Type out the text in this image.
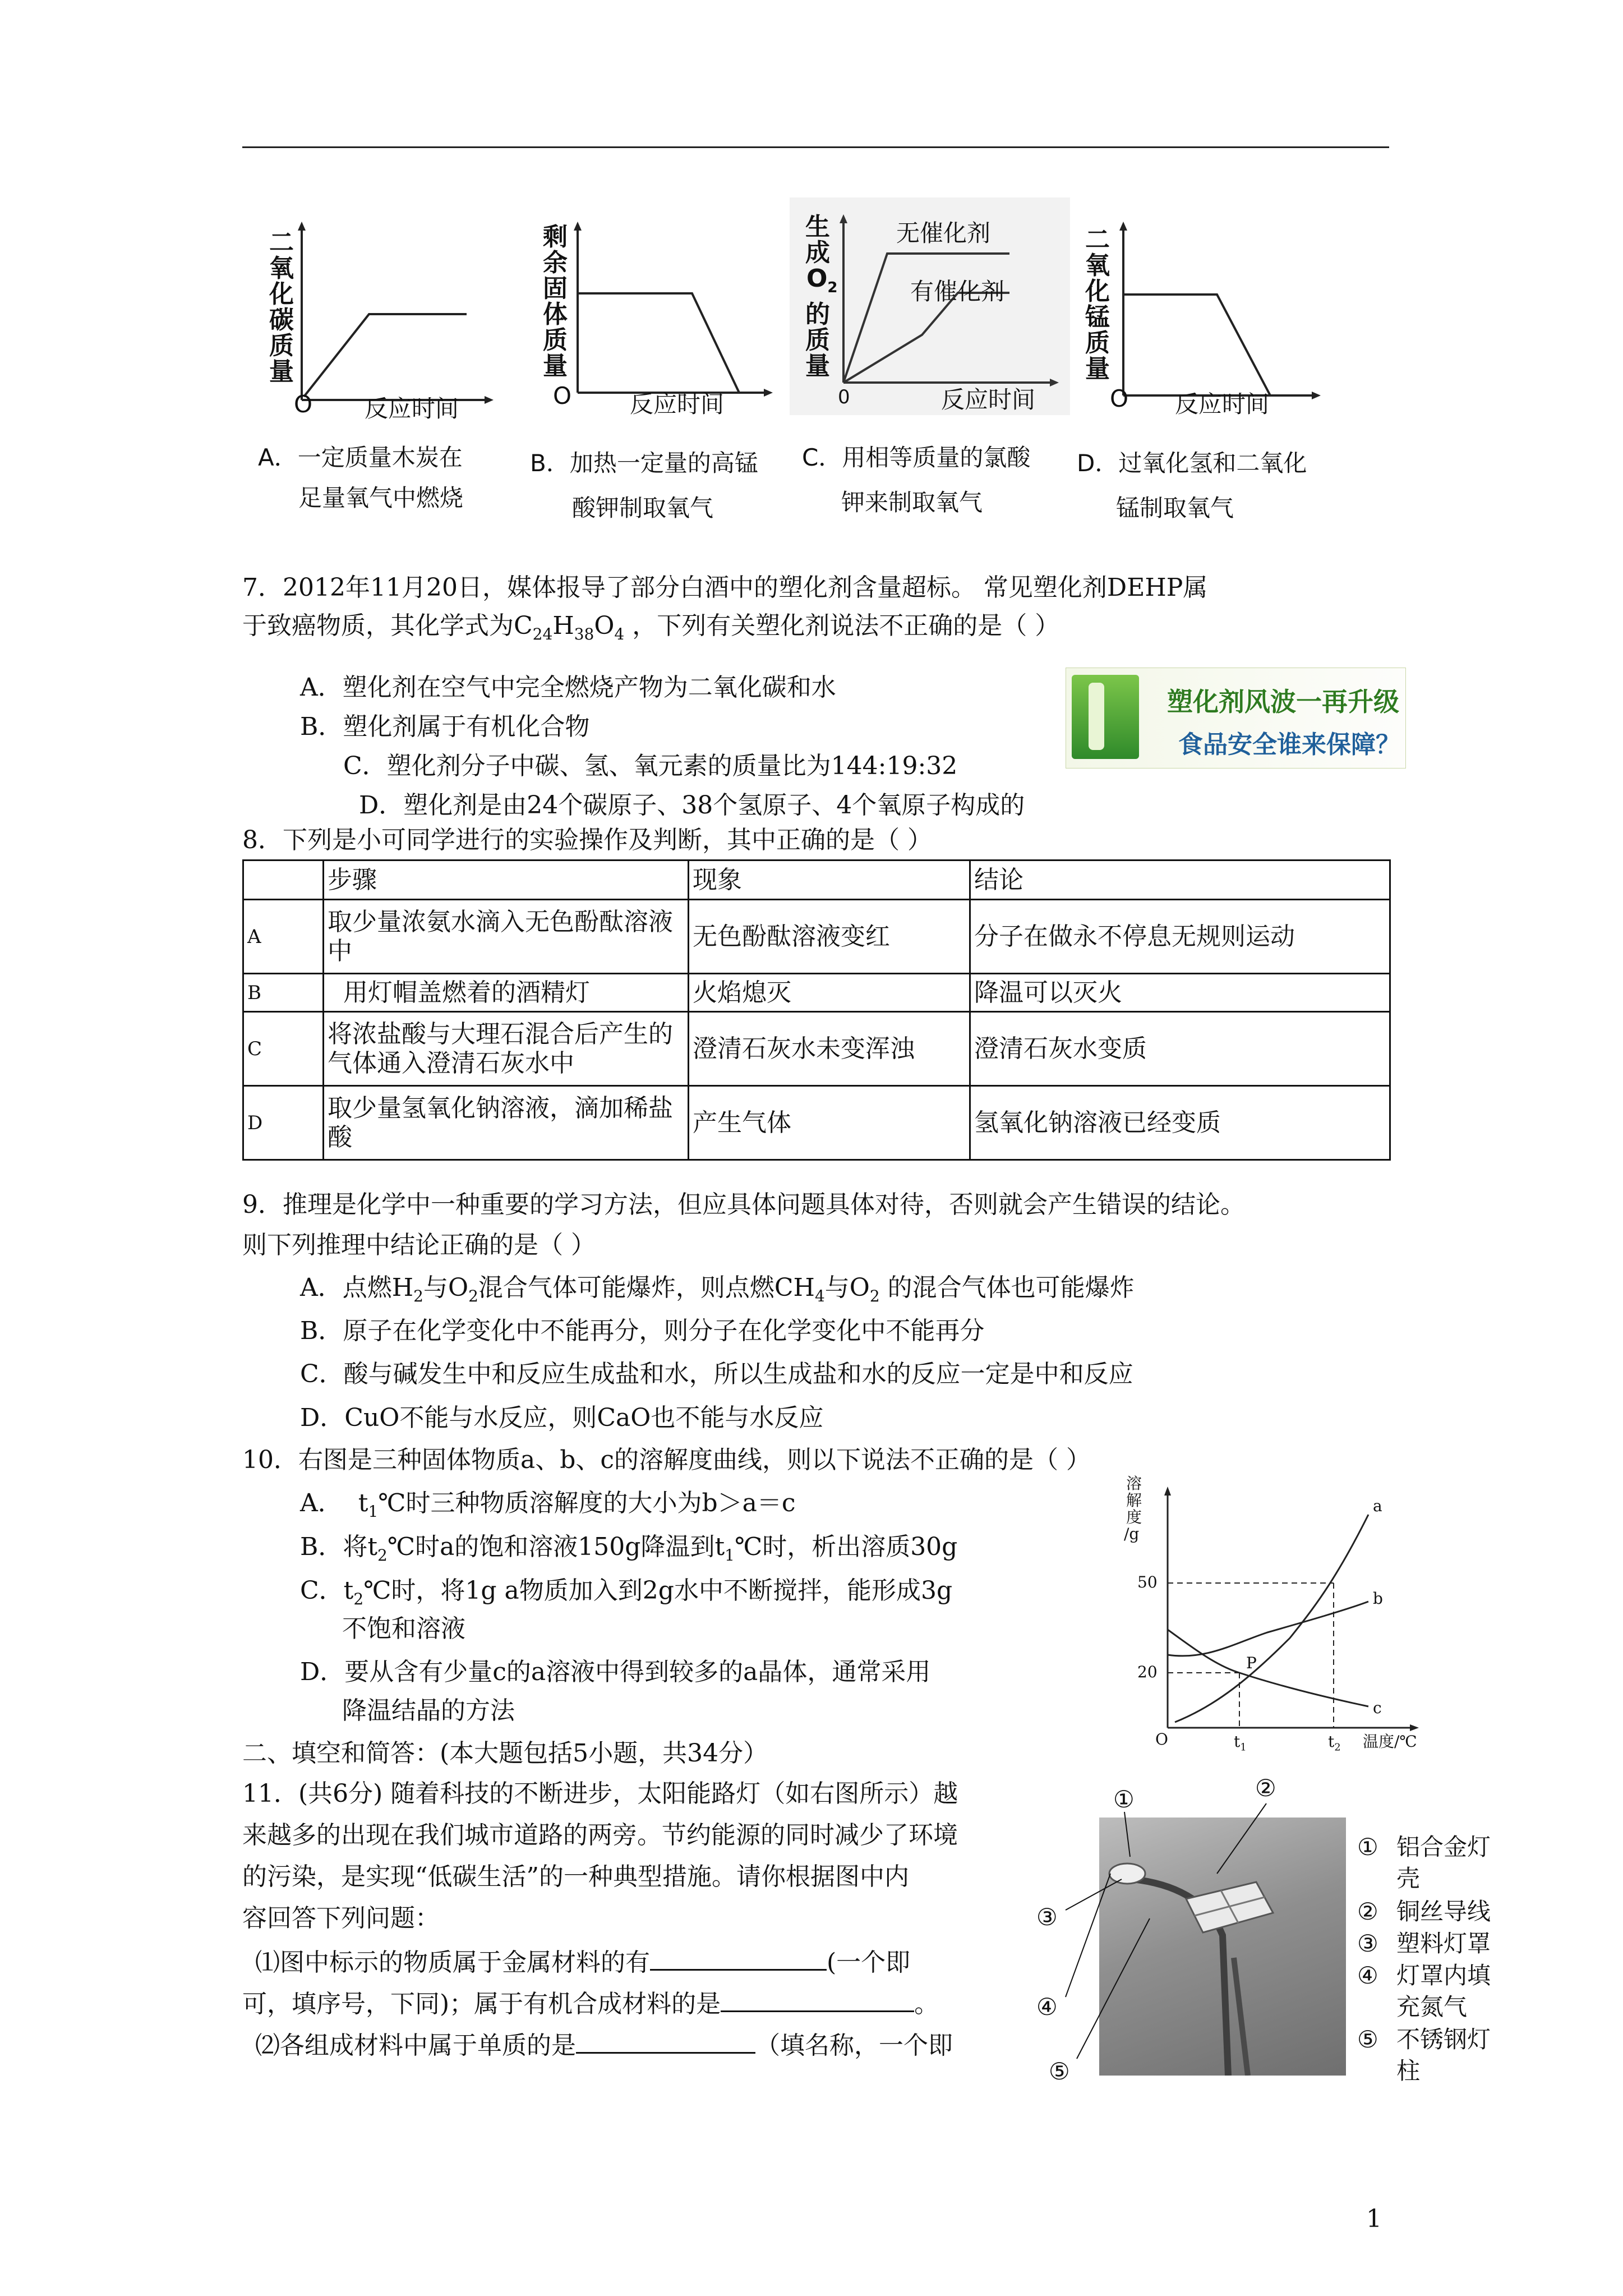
二氧化碳质量
O 反应时间
A．一定质量木炭在
足量氧气中燃烧
剩余固体质量
O 反应时间
B．加热一定量的高锰
酸钾制取氧气
生成
$O_2$
的质量
0	反应时间
无催化剂
有催化剂
C．用相等质量的氯酸
钾来制取氧气
二氧化锰质量
O 反应时间
D．过氧化氢和二氧化
锰制取氧气
7．2012年11月20日，媒体报导了部分白酒中的塑化剂含量超标。 常见塑化剂DEHP属
于致癌物质，其化学式为$C_{24}H_{38}O_4$ ，下列有关塑化剂说法不正确的是（ ）
A．塑化剂在空气中完全燃烧产物为二氧化碳和水
B．塑化剂属于有机化合物
C．塑化剂分子中碳、氢、氧元素的质量比为144:19:32
D．塑化剂是由24个碳原子、38个氢原子、4个氧原子构成的
塑化剂风波一再升级
食品安全谁来保障？
8．下列是小可同学进行的实验操作及判断，其中正确的是（ ）
	步骤	现象	结论
A	取少量浓氨水滴入无色酚酞溶液中	无色酚酞溶液变红	分子在做永不停息无规则运动
B	用灯帽盖燃着的酒精灯	火焰熄灭	降温可以灭火
C	将浓盐酸与大理石混合后产生的气体通入澄清石灰水中	澄清石灰水未变浑浊	澄清石灰水变质
D	取少量氢氧化钠溶液，滴加稀盐酸	产生气体	氢氧化钠溶液已经变质
9．推理是化学中一种重要的学习方法，但应具体问题具体对待，否则就会产生错误的结论。
则下列推理中结论正确的是（ ）
A．点燃$H_2$与$O_2$混合气体可能爆炸，则点燃$CH_4$与$O_2$ 的混合气体也可能爆炸
B．原子在化学变化中不能再分，则分子在化学变化中不能再分
C．酸与碱发生中和反应生成盐和水，所以生成盐和水的反应一定是中和反应
D．CuO不能与水反应，则CaO也不能与水反应
10．右图是三种固体物质a、b、c的溶解度曲线，则以下说法不正确的是（ ）
A．  $t_1℃$时三种物质溶解度的大小为b＞a＝c
B．将$t_2℃$时a的饱和溶液150g降温到$t_1℃$时，析出溶质30g
C．$t_2℃$时，将1g a物质加入到2g水中不断搅拌，能形成3g
不饱和溶液
D．要从含有少量c的a溶液中得到较多的a晶体，通常采用
降温结晶的方法
溶
解
度
/g
50
20
O	$t_1$	$t_2$ 温度/℃
a
b
c
P
二、填空和简答：(本大题包括5小题，共34分）
11．(共6分) 随着科技的不断进步，太阳能路灯（如右图所示）越
来越多的出现在我们城市道路的两旁。节约能源的同时减少了环境
的污染，是实现“低碳生活”的一种典型措施。请你根据图中内
容回答下列问题：
⑴图中标示的物质属于金属材料的有	(一个即
可，填序号，下同)；属于有机合成材料的是	。
⑵各组成材料中属于单质的是	（填名称，一个即
①	②
③
④
⑤
① 铝合金灯
壳
② 铜丝导线
③ 塑料灯罩
④ 灯罩内填
充氮气
⑤ 不锈钢灯
柱
1
